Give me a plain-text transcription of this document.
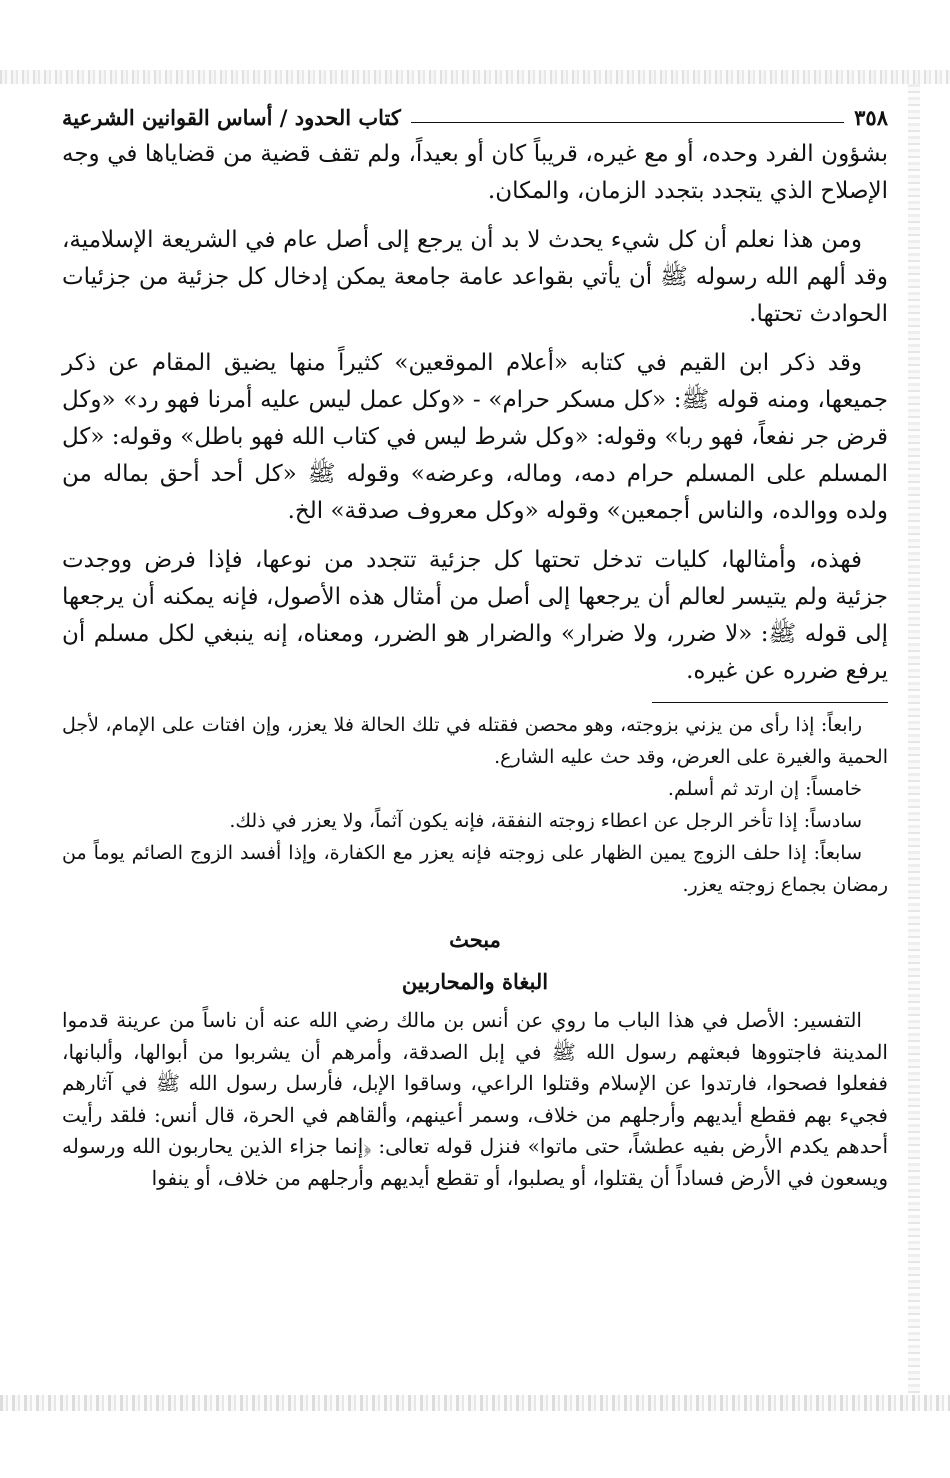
٣٥٨
كتاب الحدود / أساس القوانين الشرعية

بشؤون الفرد وحده، أو مع غيره، قريباً كان أو بعيداً، ولم تقف قضية من قضاياها في وجه الإصلاح الذي يتجدد بتجدد الزمان، والمكان.

ومن هذا نعلم أن كل شيء يحدث لا بد أن يرجع إلى أصل عام في الشريعة الإسلامية، وقد ألهم الله رسوله ﷺ أن يأتي بقواعد عامة جامعة يمكن إدخال كل جزئية من جزئيات الحوادث تحتها.

وقد ذكر ابن القيم في كتابه «أعلام الموقعين» كثيراً منها يضيق المقام عن ذكر جميعها، ومنه قوله ﷺ: «كل مسكر حرام» - «وكل عمل ليس عليه أمرنا فهو رد» «وكل قرض جر نفعاً، فهو ربا» وقوله: «وكل شرط ليس في كتاب الله فهو باطل» وقوله: «كل المسلم على المسلم حرام دمه، وماله، وعرضه» وقوله ﷺ «كل أحد أحق بماله من ولده ووالده، والناس أجمعين» وقوله «وكل معروف صدقة» الخ.

فهذه، وأمثالها، كليات تدخل تحتها كل جزئية تتجدد من نوعها، فإذا فرض ووجدت جزئية ولم يتيسر لعالم أن يرجعها إلى أصل من أمثال هذه الأصول، فإنه يمكنه أن يرجعها إلى قوله ﷺ: «لا ضرر، ولا ضرار» والضرار هو الضرر، ومعناه، إنه ينبغي لكل مسلم أن يرفع ضرره عن غيره.

رابعاً: إذا رأى من يزني بزوجته، وهو محصن فقتله في تلك الحالة فلا يعزر، وإن افتات على الإمام، لأجل الحمية والغيرة على العرض، وقد حث عليه الشارع.

خامساً: إن ارتد ثم أسلم.

سادساً: إذا تأخر الرجل عن اعطاء زوجته النفقة، فإنه يكون آثماً، ولا يعزر في ذلك.

سابعاً: إذا حلف الزوج يمين الظهار على زوجته فإنه يعزر مع الكفارة، وإذا أفسد الزوج الصائم يوماً من رمضان بجماع زوجته يعزر.

مبحث
البغاة والمحاربين

التفسير: الأصل في هذا الباب ما روي عن أنس بن مالك رضي الله عنه أن ناساً من عرينة قدموا المدينة فاجتووها فبعثهم رسول الله ﷺ في إبل الصدقة، وأمرهم أن يشربوا من أبوالها، وألبانها، ففعلوا فصحوا، فارتدوا عن الإسلام وقتلوا الراعي، وساقوا الإبل، فأرسل رسول الله ﷺ في آثارهم فجيء بهم فقطع أيديهم وأرجلهم من خلاف، وسمر أعينهم، وألقاهم في الحرة، قال أنس: فلقد رأيت أحدهم يكدم الأرض بفيه عطشاً، حتى ماتوا» فنزل قوله تعالى: ﴿إنما جزاء الذين يحاربون الله ورسوله ويسعون في الأرض فساداً أن يقتلوا، أو يصلبوا، أو تقطع أيديهم وأرجلهم من خلاف، أو ينفوا
